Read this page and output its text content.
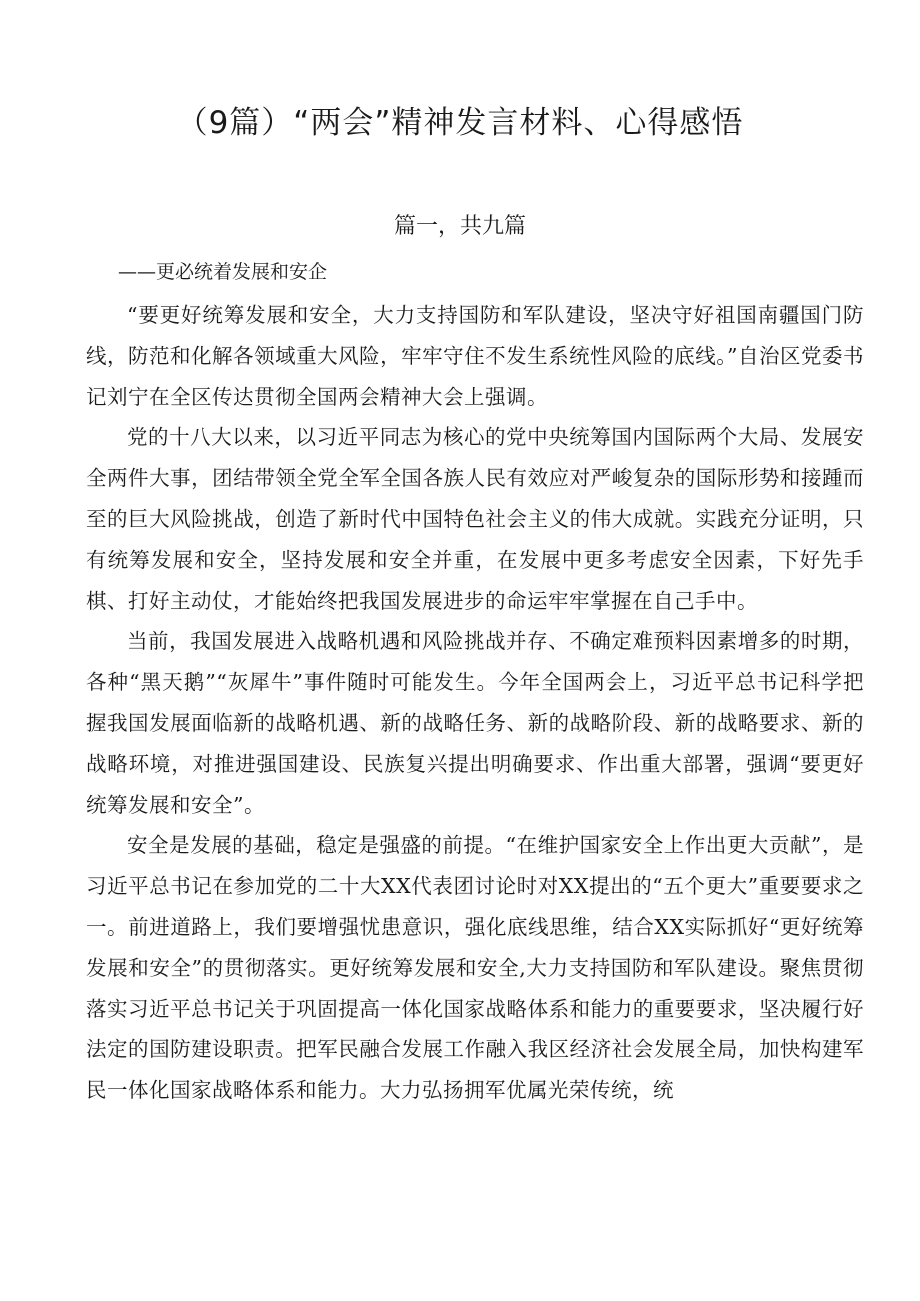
（9篇）“两会”精神发言材料、心得感悟
篇一，共九篇

——更必统着发展和安企

“要更好统筹发展和安全，大力支持国防和军队建设，坚决守好祖国南疆国门防线，防范和化解各领域重大风险，牢牢守住不发生系统性风险的底线。”自治区党委书记刘宁在全区传达贯彻全国两会精神大会上强调。

党的十八大以来，以习近平同志为核心的党中央统筹国内国际两个大局、发展安全两件大事，团结带领全党全军全国各族人民有效应对严峻复杂的国际形势和接踵而至的巨大风险挑战，创造了新时代中国特色社会主义的伟大成就。实践充分证明，只有统筹发展和安全，坚持发展和安全并重，在发展中更多考虑安全因素，下好先手棋、打好主动仗，才能始终把我国发展进步的命运牢牢掌握在自己手中。

当前，我国发展进入战略机遇和风险挑战并存、不确定难预料因素增多的时期，各种“黑天鹅”“灰犀牛”事件随时可能发生。今年全国两会上，习近平总书记科学把握我国发展面临新的战略机遇、新的战略任务、新的战略阶段、新的战略要求、新的战略环境，对推进强国建设、民族复兴提出明确要求、作出重大部署，强调“要更好统筹发展和安全”。

安全是发展的基础，稳定是强盛的前提。“在维护国家安全上作出更大贡献”，是习近平总书记在参加党的二十大XX代表团讨论时对XX提出的“五个更大”重要要求之一。前进道路上，我们要增强忧患意识，强化底线思维，结合XX实际抓好“更好统筹发展和安全”的贯彻落实。更好统筹发展和安全,大力支持国防和军队建设。聚焦贯彻落实习近平总书记关于巩固提高一体化国家战略体系和能力的重要要求，坚决履行好法定的国防建设职责。把军民融合发展工作融入我区经济社会发展全局，加快构建军民一体化国家战略体系和能力。大力弘扬拥军优属光荣传统，统
